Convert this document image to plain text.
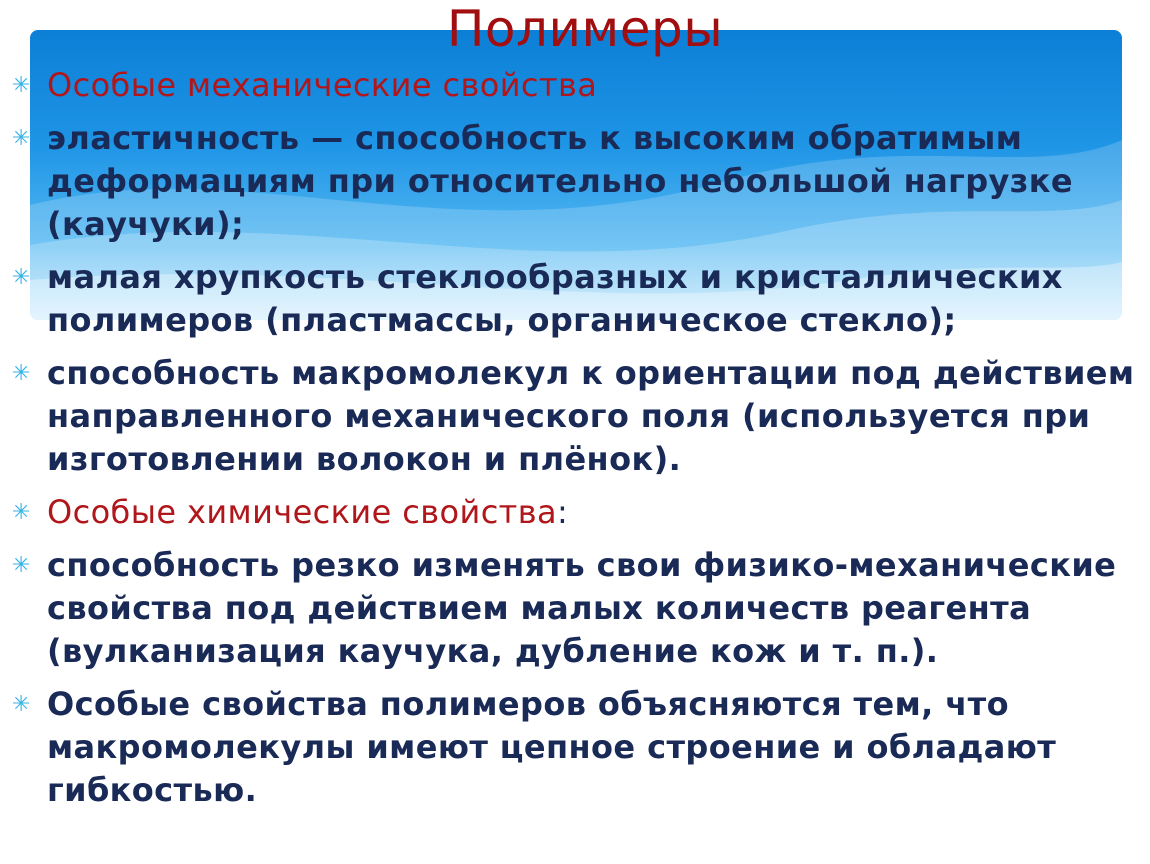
Полимеры
✳ Особые механические свойства
✳ эластичность — способность к высоким обратимым деформациям при относительно небольшой нагрузке (каучуки);
✳ малая хрупкость стеклообразных и кристаллических полимеров (пластмассы, органическое стекло);
✳ способность макромолекул к ориентации под действием направленного механического поля (используется при изготовлении волокон и плёнок).
✳ Особые химические свойства:
✳ способность резко изменять свои физико-механические свойства под действием малых количеств реагента (вулканизация каучука, дубление кож и т. п.).
✳ Особые свойства полимеров объясняются тем, что макромолекулы имеют цепное строение и обладают гибкостью.
